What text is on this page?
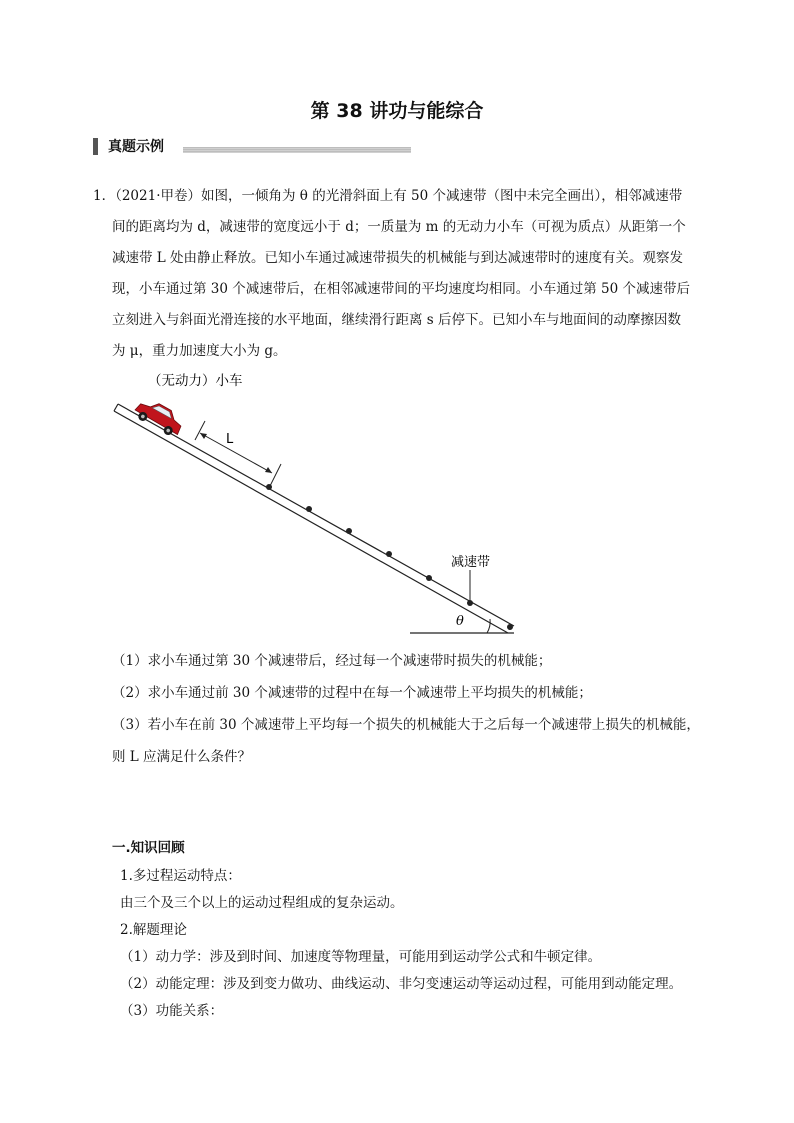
第 38 讲功与能综合
真题示例
1．（2021·甲卷）如图，一倾角为 θ 的光滑斜面上有 50 个减速带（图中未完全画出），相邻减速带
间的距离均为 d，减速带的宽度远小于 d；一质量为 m 的无动力小车（可视为质点）从距第一个
减速带 L 处由静止释放。已知小车通过减速带损失的机械能与到达减速带时的速度有关。观察发
现，小车通过第 30 个减速带后，在相邻减速带间的平均速度均相同。小车通过第 50 个减速带后
立刻进入与斜面光滑连接的水平地面，继续滑行距离 s 后停下。已知小车与地面间的动摩擦因数
为 μ，重力加速度大小为 g。
（无动力）小车
θ
L
减速带
（1）求小车通过第 30 个减速带后，经过每一个减速带时损失的机械能；
（2）求小车通过前 30 个减速带的过程中在每一个减速带上平均损失的机械能；
（3）若小车在前 30 个减速带上平均每一个损失的机械能大于之后每一个减速带上损失的机械能，
则 L 应满足什么条件？
一.知识回顾
1.多过程运动特点：
由三个及三个以上的运动过程组成的复杂运动。
2.解题理论
（1）动力学：涉及到时间、加速度等物理量，可能用到运动学公式和牛顿定律。
（2）动能定理：涉及到变力做功、曲线运动、非匀变速运动等运动过程，可能用到动能定理。
（3）功能关系：
